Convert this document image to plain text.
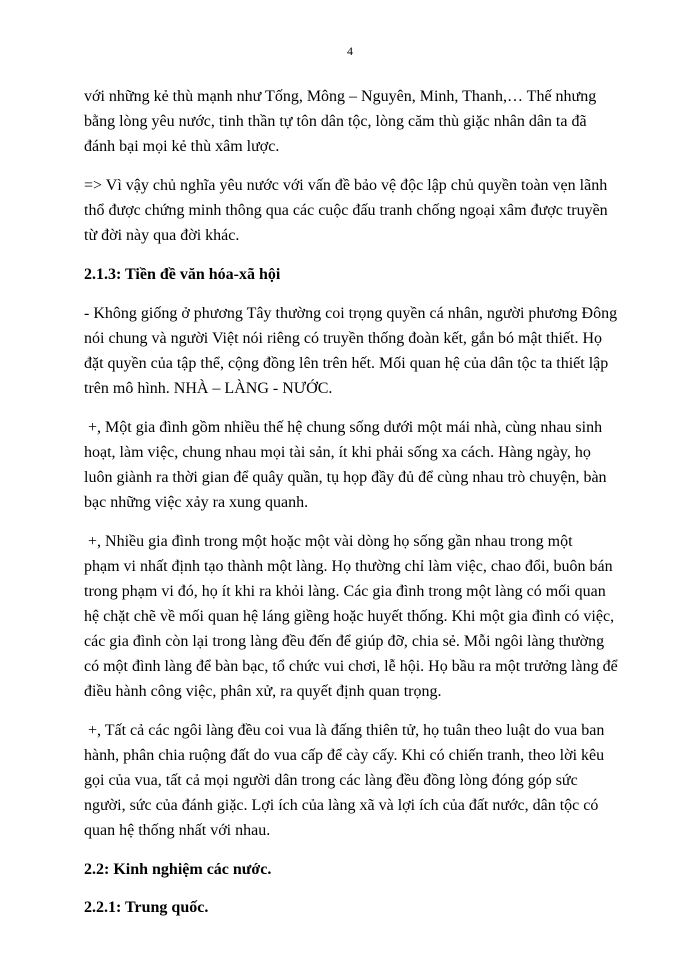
4

với những kẻ thù mạnh như Tống, Mông – Nguyên, Minh, Thanh,… Thế nhưng
bằng lòng yêu nước, tinh thần tự tôn dân tộc, lòng căm thù giặc nhân dân ta đã
đánh bại mọi kẻ thù xâm lược.

=> Vì vậy chủ nghĩa yêu nước với vấn đề bảo vệ độc lập chủ quyền toàn vẹn lãnh
thổ được chứng minh thông qua các cuộc đấu tranh chống ngoại xâm được truyền
từ đời này qua đời khác.

2.1.3: Tiền đề văn hóa-xã hội

- Không giống ở phương Tây thường coi trọng quyền cá nhân, người phương Đông
nói chung và người Việt nói riêng có truyền thống đoàn kết, gắn bó mật thiết. Họ
đặt quyền của tập thể, cộng đồng lên trên hết. Mối quan hệ của dân tộc ta thiết lập
trên mô hình. NHÀ – LÀNG - NƯỚC.

+, Một gia đình gồm nhiều thế hệ chung sống dưới một mái nhà, cùng nhau sinh
hoạt, làm việc, chung nhau mọi tài sản, ít khi phải sống xa cách. Hàng ngày, họ
luôn giành ra thời gian để quây quần, tụ họp đầy đủ để cùng nhau trò chuyện, bàn
bạc những việc xảy ra xung quanh.

+, Nhiều gia đình trong một hoặc một vài dòng họ sống gần nhau trong một
phạm vi nhất định tạo thành một làng. Họ thường chỉ làm việc, chao đổi, buôn bán
trong phạm vi đó, họ ít khi ra khỏi làng. Các gia đình trong một làng có mối quan
hệ chặt chẽ về mối quan hệ láng giềng hoặc huyết thống. Khi một gia đình có việc,
các gia đình còn lại trong làng đều đến để giúp đỡ, chia sẻ. Mỗi ngôi làng thường
có một đình làng để bàn bạc, tổ chức vui chơi, lễ hội. Họ bầu ra một trưởng làng để
điều hành công việc, phân xử, ra quyết định quan trọng.

+, Tất cả các ngôi làng đều coi vua là đấng thiên tử, họ tuân theo luật do vua ban
hành, phân chia ruộng đất do vua cấp để cày cấy. Khi có chiến tranh, theo lời kêu
gọi của vua, tất cả mọi người dân trong các làng đều đồng lòng đóng góp sức
người, sức của đánh giặc. Lợi ích của làng xã và lợi ích của đất nước, dân tộc có
quan hệ thống nhất với nhau.

2.2: Kinh nghiệm các nước.

2.2.1: Trung quốc.
